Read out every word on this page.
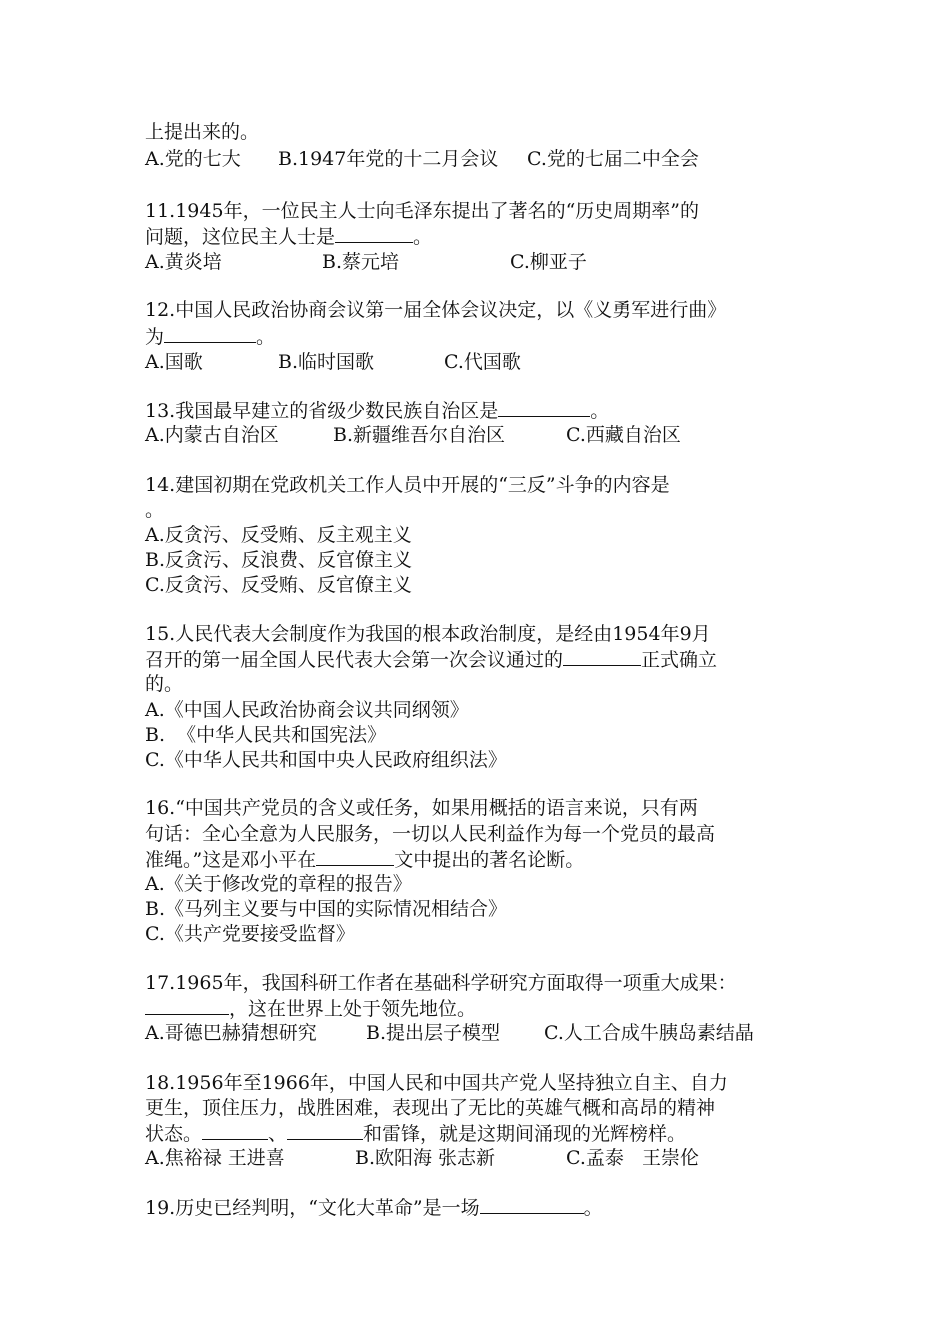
上提出来的。
A.党的七大 B.1947年党的十二月会议 C.党的七届二中全会
11.1945年，一位民主人士向毛泽东提出了著名的“历史周期率”的
问题，这位民主人士是	。
A.黄炎培	B.蔡元培	C.柳亚子
12.中国人民政治协商会议第一届全体会议决定，以《义勇军进行曲》
为	。
A.国歌	B.临时国歌	C.代国歌
13.我国最早建立的省级少数民族自治区是	。
A.内蒙古自治区	B.新疆维吾尔自治区	C.西藏自治区
14.建国初期在党政机关工作人员中开展的“三反”斗争的内容是
。
A.反贪污、反受贿、反主观主义
B.反贪污、反浪费、反官僚主义
C.反贪污、反受贿、反官僚主义
15.人民代表大会制度作为我国的根本政治制度，是经由1954年9月
召开的第一届全国人民代表大会第一次会议通过的	正式确立
的。
A.《中国人民政治协商会议共同纲领》
B.  《中华人民共和国宪法》
C.《中华人民共和国中央人民政府组织法》
16.“中国共产党员的含义或任务，如果用概括的语言来说，只有两
句话：全心全意为人民服务，一切以人民利益作为每一个党员的最高
准绳。”这是邓小平在	文中提出的著名论断。
A.《关于修改党的章程的报告》
B.《马列主义要与中国的实际情况相结合》
C.《共产党要接受监督》
17.1965年，我国科研工作者在基础科学研究方面取得一项重大成果：
，这在世界上处于领先地位。
A.哥德巴赫猜想研究	B.提出层子模型 C.人工合成牛胰岛素结晶
18.1956年至1966年，中国人民和中国共产党人坚持独立自主、自力
更生，顶住压力，战胜困难，表现出了无比的英雄气概和高昂的精神
状态。	、	和雷锋，就是这期间涌现的光辉榜样。
A.焦裕禄 王进喜	B.欧阳海 张志新	C.孟泰   王崇伦
19.历史已经判明，“文化大革命”是一场	。
